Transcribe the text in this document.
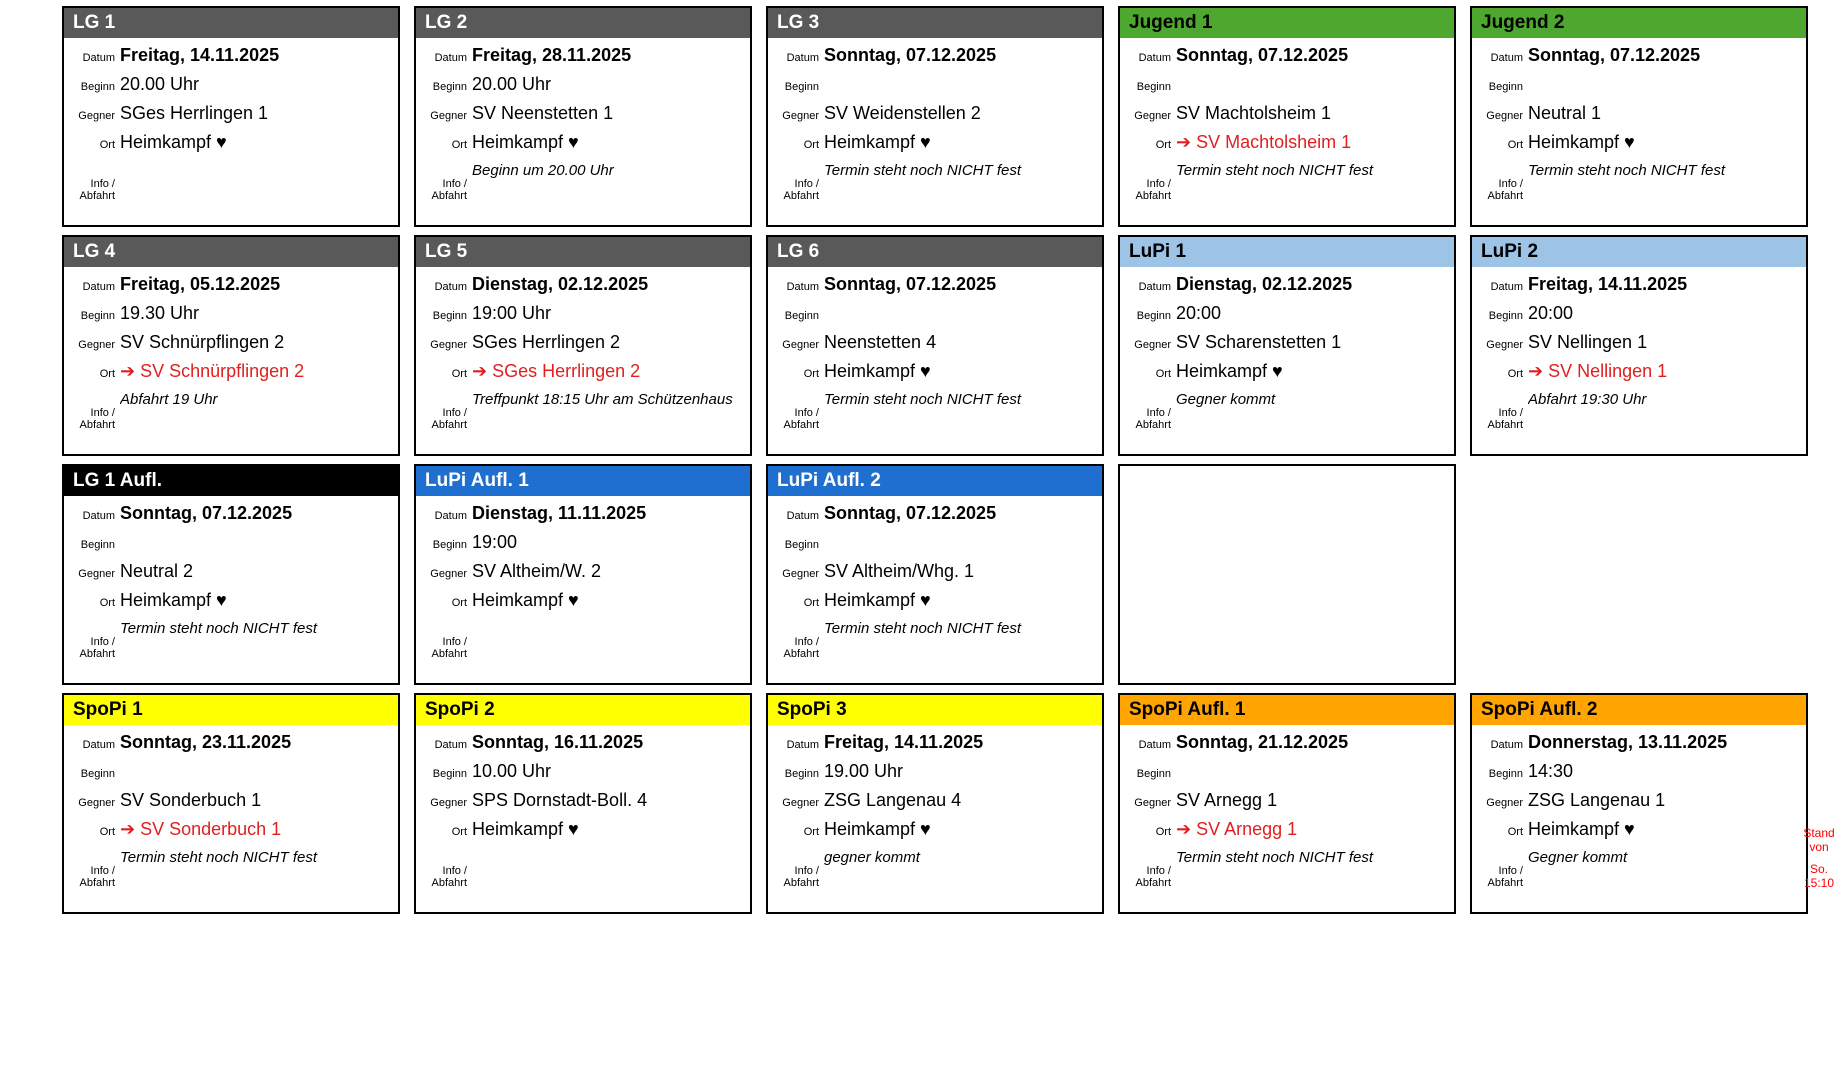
LG 1
Datum Freitag, 14.11.2025
Beginn 20.00 Uhr
Gegner SGes Herrlingen 1
Ort Heimkampf ♥
Info /
Abfahrt
LG 2
Datum Freitag, 28.11.2025
Beginn 20.00 Uhr
Gegner SV Neenstetten 1
Ort Heimkampf ♥
Info /
Abfahrt
Beginn um 20.00 Uhr
LG 3
Datum Sonntag, 07.12.2025
Beginn
Gegner SV Weidenstellen 2
Ort Heimkampf ♥
Info /
Abfahrt
Termin steht noch NICHT fest
Jugend 1
Datum Sonntag, 07.12.2025
Beginn
Gegner SV Machtolsheim 1
Ort ➔ SV Machtolsheim 1
Info /
Abfahrt
Termin steht noch NICHT fest
Jugend 2
Datum Sonntag, 07.12.2025
Beginn
Gegner Neutral 1
Ort Heimkampf ♥
Info /
Abfahrt
Termin steht noch NICHT fest
LG 4
Datum Freitag, 05.12.2025
Beginn 19.30 Uhr
Gegner SV Schnürpflingen 2
Ort ➔ SV Schnürpflingen 2
Info /
Abfahrt
Abfahrt 19 Uhr
LG 5
Datum Dienstag, 02.12.2025
Beginn 19:00 Uhr
Gegner SGes Herrlingen 2
Ort ➔ SGes Herrlingen 2
Info /
Abfahrt
Treffpunkt 18:15 Uhr am Schützenhaus
LG 6
Datum Sonntag, 07.12.2025
Beginn
Gegner Neenstetten 4
Ort Heimkampf ♥
Info /
Abfahrt
Termin steht noch NICHT fest
LuPi 1
Datum Dienstag, 02.12.2025
Beginn 20:00
Gegner SV Scharenstetten 1
Ort Heimkampf ♥
Info /
Abfahrt
Gegner kommt
LuPi 2
Datum Freitag, 14.11.2025
Beginn 20:00
Gegner SV Nellingen 1
Ort ➔ SV Nellingen 1
Info /
Abfahrt
Abfahrt 19:30 Uhr
LG 1 Aufl.
Datum Sonntag, 07.12.2025
Beginn
Gegner Neutral 2
Ort Heimkampf ♥
Info /
Abfahrt
Termin steht noch NICHT fest
LuPi Aufl. 1
Datum Dienstag, 11.11.2025
Beginn 19:00
Gegner SV Altheim/W. 2
Ort Heimkampf ♥
Info /
Abfahrt
LuPi Aufl. 2
Datum Sonntag, 07.12.2025
Beginn
Gegner SV Altheim/Whg. 1
Ort Heimkampf ♥
Info /
Abfahrt
Termin steht noch NICHT fest
SpoPi 1
Datum Sonntag, 23.11.2025
Beginn
Gegner SV Sonderbuch 1
Ort ➔ SV Sonderbuch 1
Info /
Abfahrt
Termin steht noch NICHT fest
SpoPi 2
Datum Sonntag, 16.11.2025
Beginn 10.00 Uhr
Gegner SPS Dornstadt-Boll. 4
Ort Heimkampf ♥
Info /
Abfahrt
SpoPi 3
Datum Freitag, 14.11.2025
Beginn 19.00 Uhr
Gegner ZSG Langenau 4
Ort Heimkampf ♥
Info /
Abfahrt
gegner kommt
SpoPi Aufl. 1
Datum Sonntag, 21.12.2025
Beginn
Gegner SV Arnegg 1
Ort ➔ SV Arnegg 1
Info /
Abfahrt
Termin steht noch NICHT fest
SpoPi Aufl. 2
Datum Donnerstag, 13.11.2025
Beginn 14:30
Gegner ZSG Langenau 1
Ort Heimkampf ♥
Info /
Abfahrt
Gegner kommt
Stand
von
So.
15:10
